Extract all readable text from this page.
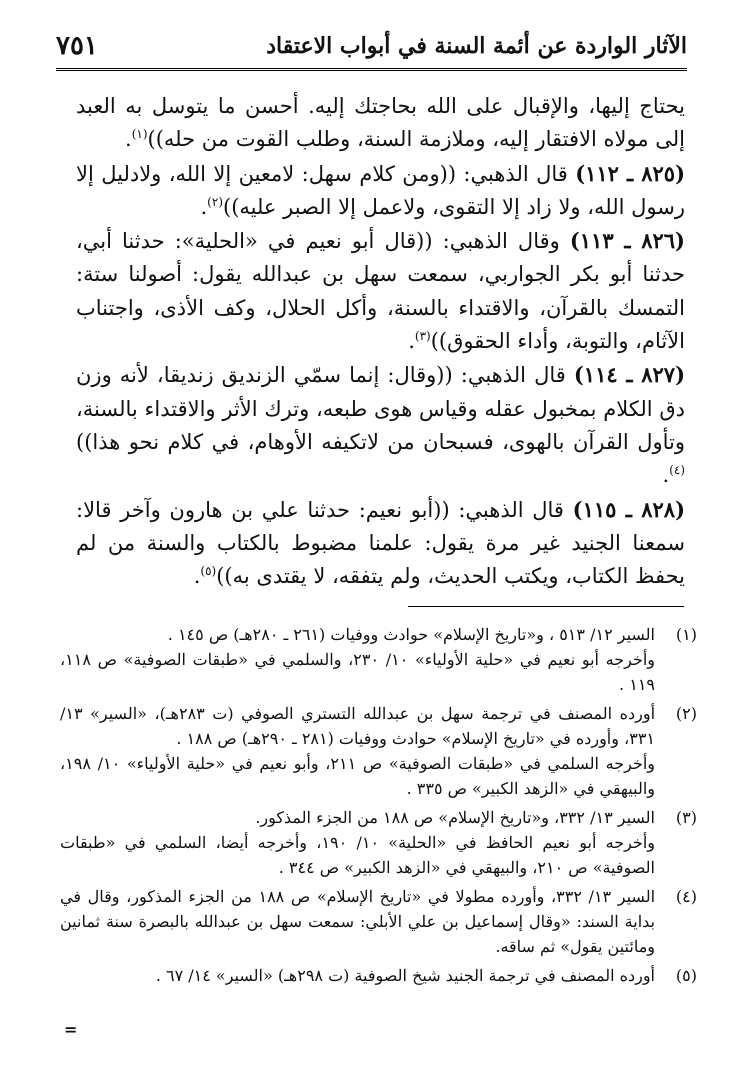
الآثار الواردة عن أئمة السنة في أبواب الاعتقاد
٧٥١

يحتاج إليها، والإقبال على الله بحاجتك إليه. أحسن ما يتوسل به العبد إلى مولاه الافتقار إليه، وملازمة السنة، وطلب القوت من حله))$^{(١)}$.

(٨٢٥ ـ ١١٢) قال الذهبي: ((ومن كلام سهل: لامعين إلا الله، ولادليل إلا رسول الله، ولا زاد إلا التقوى، ولاعمل إلا الصبر عليه))$^{(٢)}$.

(٨٢٦ ـ ١١٣) وقال الذهبي: ((قال أبو نعيم في «الحلية»: حدثنا أبي، حدثنا أبو بكر الجواربي، سمعت سهل بن عبدالله يقول: أصولنا ستة: التمسك بالقرآن، والاقتداء بالسنة، وأكل الحلال، وكف الأذى، واجتناب الآثام، والتوبة، وأداء الحقوق))$^{(٣)}$.

(٨٢٧ ـ ١١٤) قال الذهبي: ((وقال: إنما سمّي الزنديق زنديقا، لأنه وزن دق الكلام بمخبول عقله وقياس هوى طبعه، وترك الأثر والاقتداء بالسنة، وتأول القرآن بالهوى، فسبحان من لاتكيفه الأوهام، في كلام نحو هذا))$^{(٤)}$.

(٨٢٨ ـ ١١٥) قال الذهبي: ((أبو نعيم: حدثنا علي بن هارون وآخر قالا: سمعنا الجنيد غير مرة يقول: علمنا مضبوط بالكتاب والسنة من لم يحفظ الكتاب، ويكتب الحديث، ولم يتفقه، لا يقتدى به))$^{(٥)}$.

(١)

السير ١٢/ ٥١٣ ، و«تاريخ الإسلام» حوادث ووفيات (٢٦١ ـ ٢٨٠هـ) ص ١٤٥ .

وأخرجه أبو نعيم في «حلية الأولياء» ١٠/ ٢٣٠، والسلمي في «طبقات الصوفية» ص ١١٨، ١١٩ .

(٢)

أورده المصنف في ترجمة سهل بن عبدالله التستري الصوفي (ت ٢٨٣هـ)، «السير» ١٣/ ٣٣١، وأورده في «تاريخ الإسلام» حوادث ووفيات (٢٨١ ـ ٢٩٠هـ) ص ١٨٨ .

وأخرجه السلمي في «طبقات الصوفية» ص ٢١١، وأبو نعيم في «حلية الأولياء» ١٠/ ١٩٨، والبيهقي في «الزهد الكبير» ص ٣٣٥ .

(٣)

السير ١٣/ ٣٣٢، و«تاريخ الإسلام» ص ١٨٨ من الجزء المذكور.

وأخرجه أبو نعيم الحافظ في «الحلية» ١٠/ ١٩٠، وأخرجه أيضا، السلمي في «طبقات الصوفية» ص ٢١٠، والبيهقي في «الزهد الكبير» ص ٣٤٤ .

(٤)

السير ١٣/ ٣٣٢، وأورده مطولا في «تاريخ الإسلام» ص ١٨٨ من الجزء المذكور، وقال في بداية السند: «وقال إسماعيل بن علي الأبلي: سمعت سهل بن عبدالله بالبصرة سنة ثمانين ومائتين يقول» ثم ساقه.

(٥)

أورده المصنف في ترجمة الجنيد شيخ الصوفية (ت ٢٩٨هـ) «السير» ١٤/ ٦٧ .

=
